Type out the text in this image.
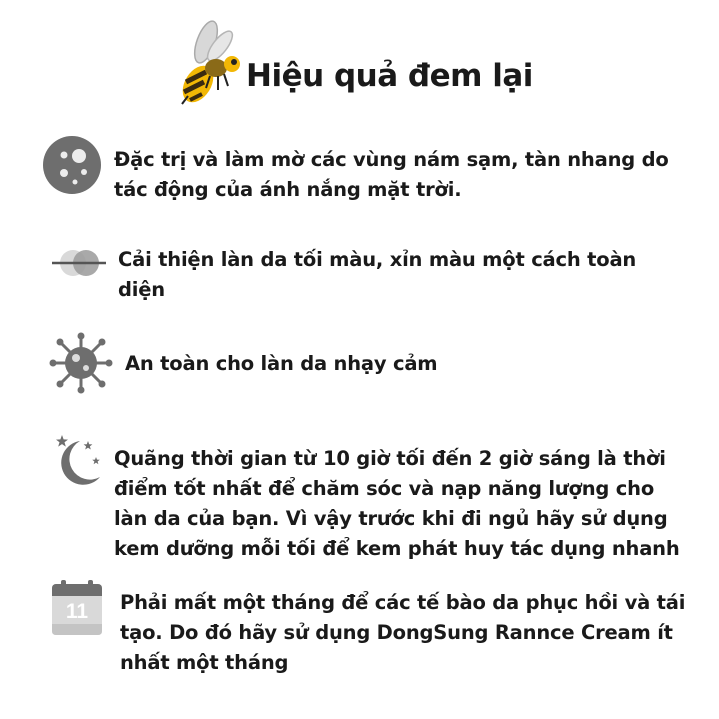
Hiệu quả đem lại
Đặc trị và làm mờ các vùng nám sạm, tàn nhang do
tác động của ánh nắng mặt trời.
Cải thiện làn da tối màu, xỉn màu một cách toàn
diện
An toàn cho làn da nhạy cảm
Quãng thời gian từ 10 giờ tối đến 2 giờ sáng là thời
điểm tốt nhất để chăm sóc và nạp năng lượng cho
làn da của bạn. Vì vậy trước khi đi ngủ hãy sử dụng
kem dưỡng mỗi tối để kem phát huy tác dụng nhanh
11	Phải mất một tháng để các tế bào da phục hồi và tái
tạo. Do đó hãy sử dụng DongSung Rannce Cream ít
nhất một tháng
